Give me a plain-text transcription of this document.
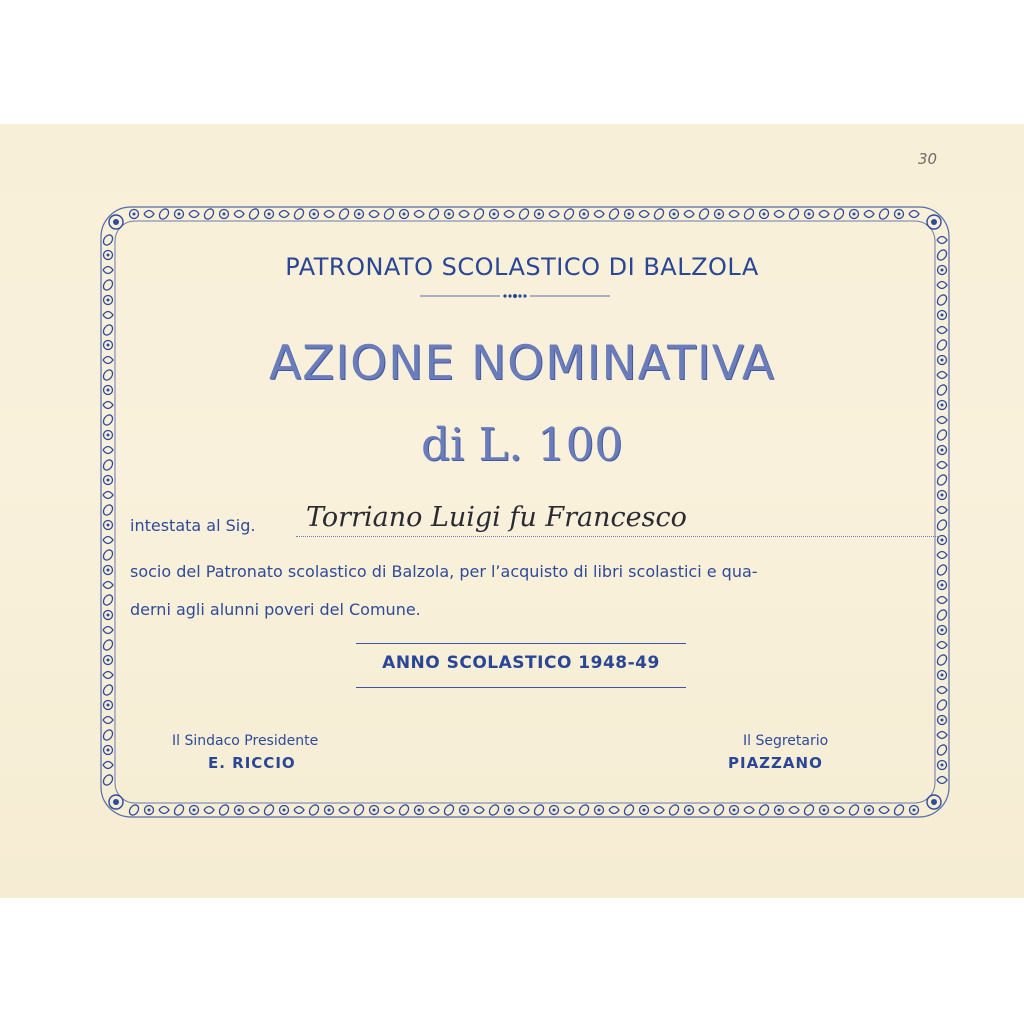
30
PATRONATO SCOLASTICO DI BALZOLA
AZIONE NOMINATIVA
di L. 100
intestata al Sig. Torriano Luigi fu Francesco
socio del Patronato scolastico di Balzola, per l’acquisto di libri scolastici e qua-
derni agli alunni poveri del Comune.
ANNO SCOLASTICO 1948-49
Il Sindaco Presidente
E. RICCIO
Il Segretario
PIAZZANO
